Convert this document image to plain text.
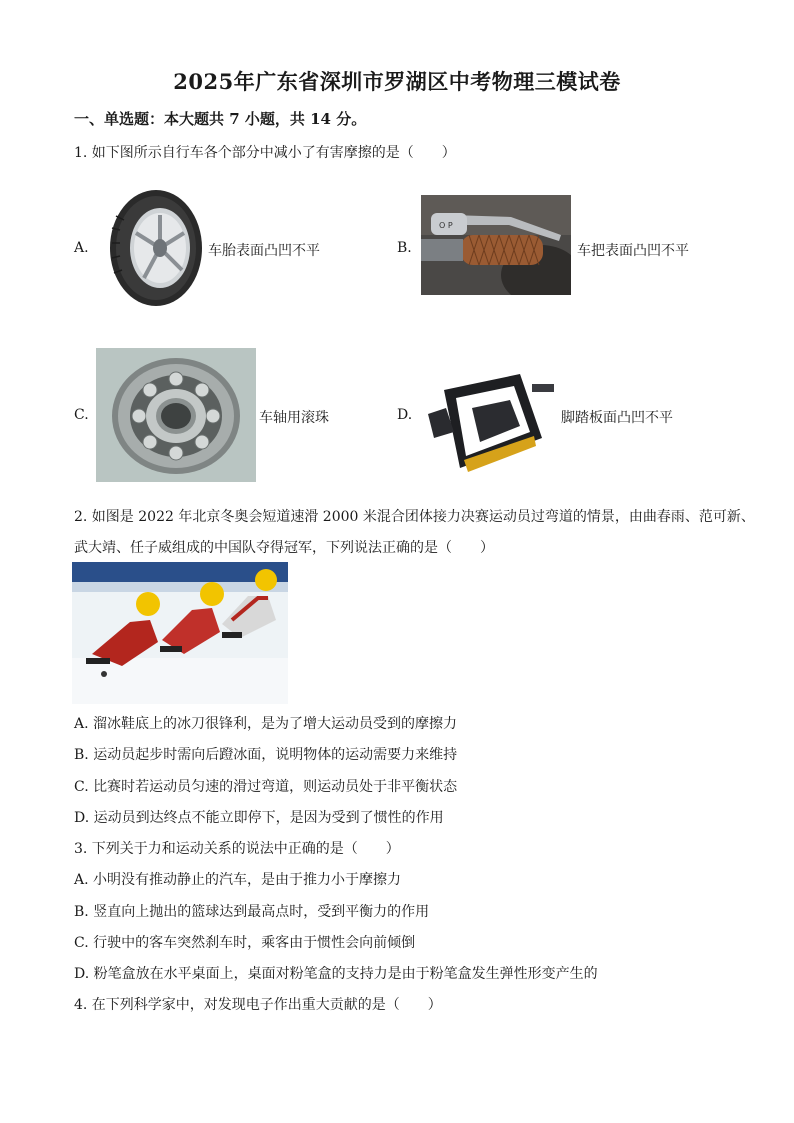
2025年广东省深圳市罗湖区中考物理三模试卷
一、单选题：本大题共 7 小题，共 14 分。
1. 如下图所示自行车各个部分中减小了有害摩擦的是（　　）
A.	车胎表面凸凹不平	B.
O P
车把表面凸凹不平
C.	车轴用滚珠	D.	脚踏板面凸凹不平
2. 如图是 2022 年北京冬奥会短道速滑 2000 米混合团体接力决赛运动员过弯道的情景，由曲春雨、范可新、
武大靖、任子威组成的中国队夺得冠军，下列说法正确的是（　　）
A. 溜冰鞋底上的冰刀很锋利，是为了增大运动员受到的摩擦力
B. 运动员起步时需向后蹬冰面，说明物体的运动需要力来维持
C. 比赛时若运动员匀速的滑过弯道，则运动员处于非平衡状态
D. 运动员到达终点不能立即停下，是因为受到了惯性的作用
3. 下列关于力和运动关系的说法中正确的是（　　）
A. 小明没有推动静止的汽车，是由于推力小于摩擦力
B. 竖直向上抛出的篮球达到最高点时，受到平衡力的作用
C. 行驶中的客车突然刹车时，乘客由于惯性会向前倾倒
D. 粉笔盒放在水平桌面上，桌面对粉笔盒的支持力是由于粉笔盒发生弹性形变产生的
4. 在下列科学家中，对发现电子作出重大贡献的是（　　）
